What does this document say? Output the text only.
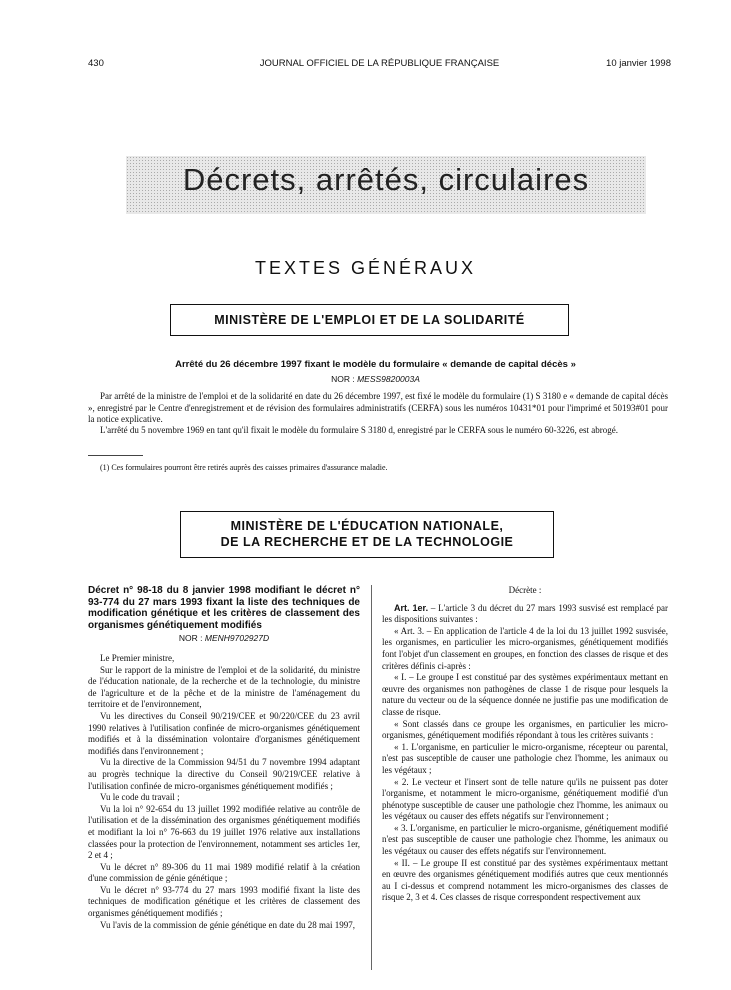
430	JOURNAL OFFICIEL DE LA RÉPUBLIQUE FRANÇAISE	10 janvier 1998
Décrets, arrêtés, circulaires
TEXTES GÉNÉRAUX
MINISTÈRE DE L'EMPLOI ET DE LA SOLIDARITÉ
Arrêté du 26 décembre 1997 fixant le modèle du formulaire « demande de capital décès »
NOR : MESS9820003A

Par arrêté de la ministre de l'emploi et de la solidarité en date du 26 décembre 1997, est fixé le modèle du formulaire (1) S 3180 e « demande de capital décès », enregistré par le Centre d'enregistrement et de révision des formulaires administratifs (CERFA) sous les numéros 10431*01 pour l'imprimé et 50193#01 pour la notice explicative.

L'arrêté du 5 novembre 1969 en tant qu'il fixait le modèle du formulaire S 3180 d, enregistré par le CERFA sous le numéro 60-3226, est abrogé.

(1) Ces formulaires pourront être retirés auprès des caisses primaires d'assurance maladie.
MINISTÈRE DE L'ÉDUCATION NATIONALE,
DE LA RECHERCHE ET DE LA TECHNOLOGIE
Décret n° 98-18 du 8 janvier 1998 modifiant le décret n° 93-774 du 27 mars 1993 fixant la liste des techniques de modification génétique et les critères de classement des organismes génétiquement modifiés
NOR : MENH9702927D

Le Premier ministre,

Sur le rapport de la ministre de l'emploi et de la solidarité, du ministre de l'éducation nationale, de la recherche et de la technologie, du ministre de l'agriculture et de la pêche et de la ministre de l'aménagement du territoire et de l'environnement,

Vu les directives du Conseil 90/219/CEE et 90/220/CEE du 23 avril 1990 relatives à l'utilisation confinée de micro-organismes génétiquement modifiés et à la dissémination volontaire d'organismes génétiquement modifiés dans l'environnement ;

Vu la directive de la Commission 94/51 du 7 novembre 1994 adaptant au progrès technique la directive du Conseil 90/219/CEE relative à l'utilisation confinée de micro-organismes génétiquement modifiés ;

Vu le code du travail ;

Vu la loi n° 92-654 du 13 juillet 1992 modifiée relative au contrôle de l'utilisation et de la dissémination des organismes génétiquement modifiés et modifiant la loi n° 76-663 du 19 juillet 1976 relative aux installations classées pour la protection de l'environnement, notamment ses articles 1er, 2 et 4 ;

Vu le décret n° 89-306 du 11 mai 1989 modifié relatif à la création d'une commission de génie génétique ;

Vu le décret n° 93-774 du 27 mars 1993 modifié fixant la liste des techniques de modification génétique et les critères de classement des organismes génétiquement modifiés ;

Vu l'avis de la commission de génie génétique en date du 28 mai 1997,

Décrète :

Art. 1er. – L'article 3 du décret du 27 mars 1993 susvisé est remplacé par les dispositions suivantes :

« Art. 3. – En application de l'article 4 de la loi du 13 juillet 1992 susvisée, les organismes, en particulier les micro-organismes, génétiquement modifiés font l'objet d'un classement en groupes, en fonction des classes de risque et des critères définis ci-après :

« I. – Le groupe I est constitué par des systèmes expérimentaux mettant en œuvre des organismes non pathogènes de classe 1 de risque pour lesquels la nature du vecteur ou de la séquence donnée ne justifie pas une modification de classe de risque.

« Sont classés dans ce groupe les organismes, en particulier les micro-organismes, génétiquement modifiés répondant à tous les critères suivants :

« 1. L'organisme, en particulier le micro-organisme, récepteur ou parental, n'est pas susceptible de causer une pathologie chez l'homme, les animaux ou les végétaux ;

« 2. Le vecteur et l'insert sont de telle nature qu'ils ne puissent pas doter l'organisme, et notamment le micro-organisme, génétiquement modifié d'un phénotype susceptible de causer une pathologie chez l'homme, les animaux ou les végétaux ou causer des effets négatifs sur l'environnement ;

« 3. L'organisme, en particulier le micro-organisme, génétiquement modifié n'est pas susceptible de causer une pathologie chez l'homme, les animaux ou les végétaux ou causer des effets négatifs sur l'environnement.

« II. – Le groupe II est constitué par des systèmes expérimentaux mettant en œuvre des organismes génétiquement modifiés autres que ceux mentionnés au I ci-dessus et comprend notamment les micro-organismes des classes de risque 2, 3 et 4. Ces classes de risque correspondent respectivement aux
